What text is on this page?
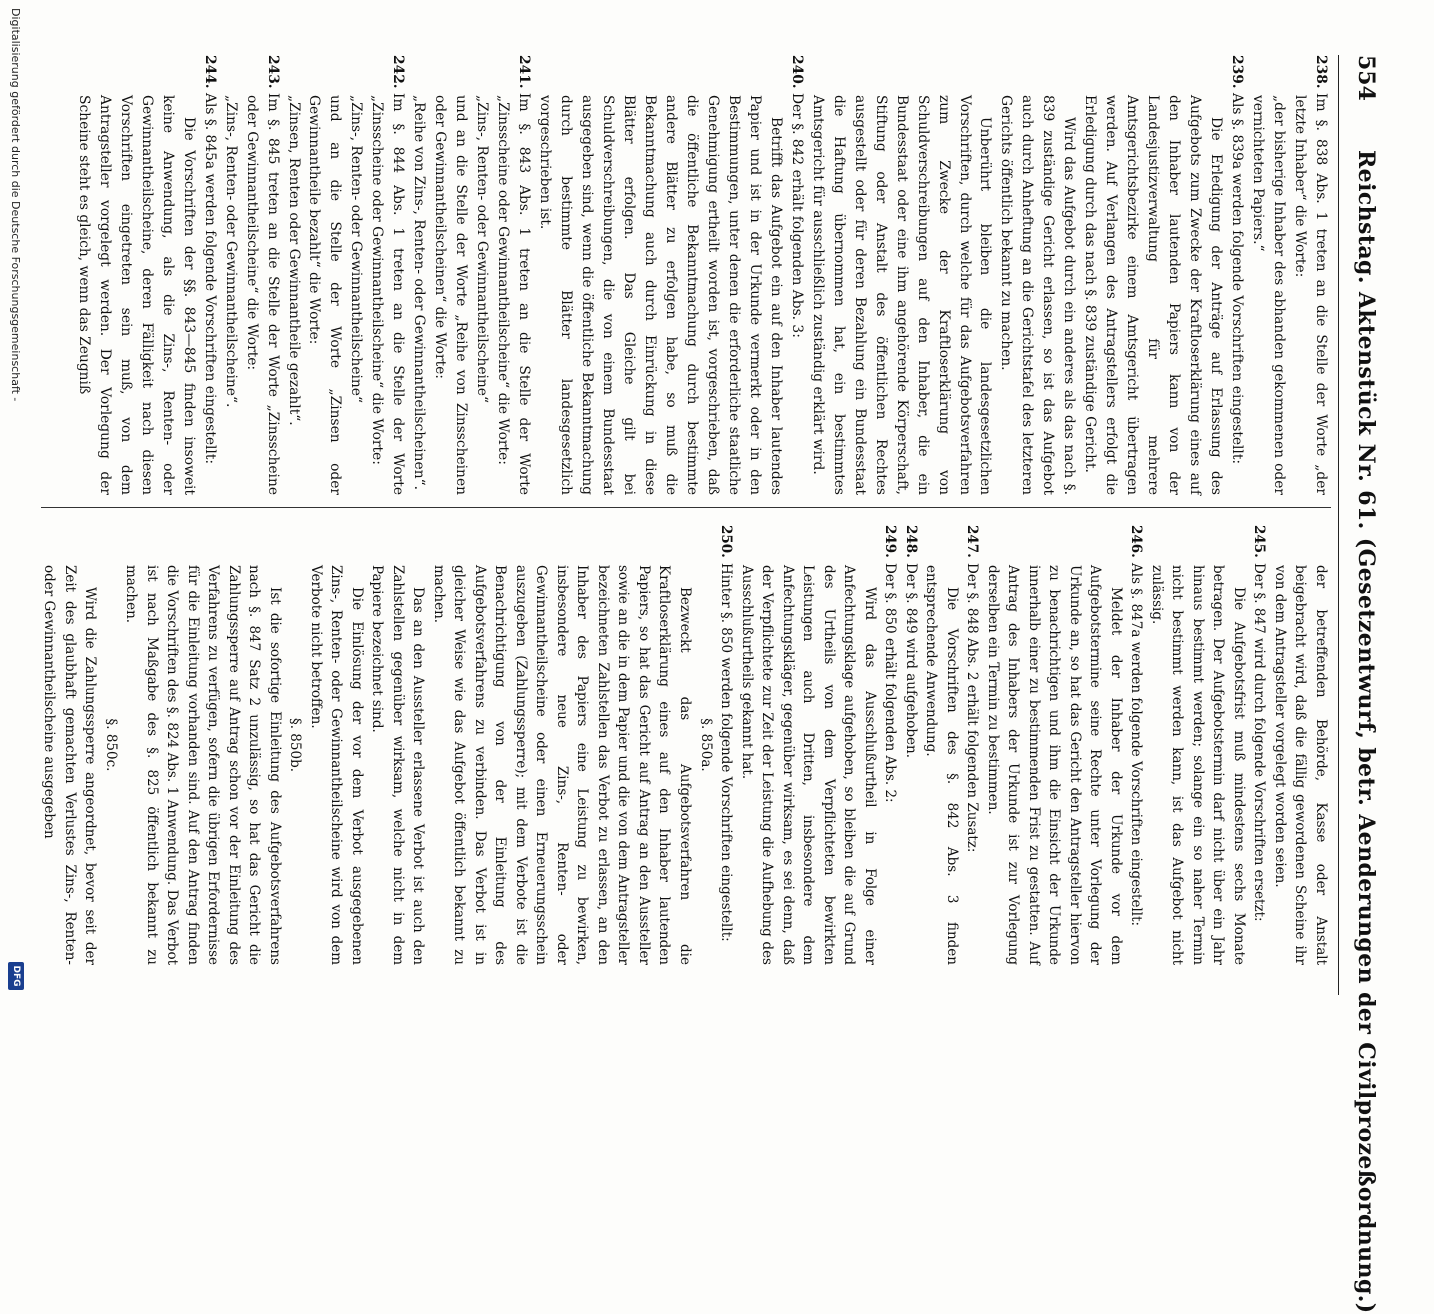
554
Reichstag. Aktenstück Nr. 61. (Gesetzentwurf, betr. Aenderungen der Civilprozeßordnung.)

238.Im §. 838 Abs. 1 treten an die Stelle der Worte „der letzte Inhaber“ die Worte:

„der bisherige Inhaber des abhanden gekommenen oder vernichteten Papiers.“

239.Als §. 839a werden folgende Vorschriften eingestellt:

Die Erledigung der Anträge auf Erlassung des Aufgebots zum Zwecke der Kraftloserklärung eines auf den Inhaber lautenden Papiers kann von der Landesjustizverwaltung für mehrere Amtsgerichtsbezirke einem Amtsgericht übertragen werden. Auf Verlangen des Antragstellers erfolgt die Erledigung durch das nach §. 839 zuständige Gericht.

Wird das Aufgebot durch ein anderes als das nach §. 839 zuständige Gericht erlassen, so ist das Aufgebot auch durch Anheftung an die Gerichtstafel des letzteren Gerichts öffentlich bekannt zu machen.

Unberührt bleiben die landesgesetzlichen Vorschriften, durch welche für das Aufgebotsverfahren zum Zwecke der Kraftloserklärung von Schuldverschreibungen auf den Inhaber, die ein Bundesstaat oder eine ihm angehörende Körperschaft, Stiftung oder Anstalt des öffentlichen Rechtes ausgestellt oder für deren Bezahlung ein Bundesstaat die Haftung übernommen hat, ein bestimmtes Amtsgericht für ausschließlich zuständig erklärt wird.

240.Der §. 842 erhält folgenden Abs. 3:

Betrifft das Aufgebot ein auf den Inhaber lautendes Papier und ist in der Urkunde vermerkt oder in den Bestimmungen, unter denen die erforderliche staatliche Genehmigung ertheilt worden ist, vorgeschrieben, daß die öffentliche Bekanntmachung durch bestimmte andere Blätter zu erfolgen habe, so muß die Bekanntmachung auch durch Einrückung in diese Blätter erfolgen. Das Gleiche gilt bei Schuldverschreibungen, die von einem Bundesstaat ausgegeben sind, wenn die öffentliche Bekanntmachung durch bestimmte Blätter landesgesetzlich vorgeschrieben ist.

241.Im §. 843 Abs. 1 treten an die Stelle der Worte „Zinsscheine oder Gewinnantheilscheine“ die Worte:

„Zins-, Renten- oder Gewinnantheilscheine“

und an die Stelle der Worte „Reihe von Zinsscheinen oder Gewinnantheilscheinen“ die Worte:

„Reihe von Zins-, Renten- oder Gewinnantheilscheinen“.

242.Im §. 844 Abs. 1 treten an die Stelle der Worte „Zinsscheine oder Gewinnantheilscheine“ die Worte:

„Zins-, Renten- oder Gewinnantheilscheine“

und an die Stelle der Worte „Zinsen oder Gewinnantheile bezahlt“ die Worte:

„Zinsen, Renten oder Gewinnantheile gezahlt“.

243.Im §. 845 treten an die Stelle der Worte „Zinsscheine oder Gewinnantheilscheine“ die Worte:

„Zins-, Renten- oder Gewinnantheilscheine“.

244.Als §. 845a werden folgende Vorschriften eingestellt:

Die Vorschriften der §§. 843—845 finden insoweit keine Anwendung, als die Zins-, Renten- oder Gewinnantheilscheine, deren Fälligkeit nach diesen Vorschriften eingetreten sein muß, von dem Antragsteller vorgelegt werden. Der Vorlegung der Scheine steht es gleich, wenn das Zeugniß

der betreffenden Behörde, Kasse oder Anstalt beigebracht wird, daß die fällig gewordenen Scheine ihr von dem Antragsteller vorgelegt worden seien.

245.Der §. 847 wird durch folgende Vorschriften ersetzt:

Die Aufgebotsfrist muß mindestens sechs Monate betragen. Der Aufgebotstermin darf nicht über ein Jahr hinaus bestimmt werden; solange ein so naher Termin nicht bestimmt werden kann, ist das Aufgebot nicht zulässig.

246.Als §. 847a werden folgende Vorschriften eingestellt:

Meldet der Inhaber der Urkunde vor dem Aufgebotstermine seine Rechte unter Vorlegung der Urkunde an, so hat das Gericht den Antragsteller hiervon zu benachrichtigen und ihm die Einsicht der Urkunde innerhalb einer zu bestimmenden Frist zu gestatten. Auf Antrag des Inhabers der Urkunde ist zur Vorlegung derselben ein Termin zu bestimmen.

247.Der §. 848 Abs. 2 erhält folgenden Zusatz:

Die Vorschriften des §. 842 Abs. 3 finden entsprechende Anwendung.

248.Der §. 849 wird aufgehoben.

249.Der §. 850 erhält folgenden Abs. 2:

Wird das Ausschlußurtheil in Folge einer Anfechtungsklage aufgehoben, so bleiben die auf Grund des Urtheils von dem Verpflichteten bewirkten Leistungen auch Dritten, insbesondere dem Anfechtungskläger, gegenüber wirksam, es sei denn, daß der Verpflichtete zur Zeit der Leistung die Aufhebung des Ausschlußurtheils gekannt hat.

250.Hinter §. 850 werden folgende Vorschriften eingestellt:

§. 850a.

Bezweckt das Aufgebotsverfahren die Kraftloserklärung eines auf den Inhaber lautenden Papiers, so hat das Gericht auf Antrag an den Aussteller sowie an die in dem Papier und die von dem Antragsteller bezeichneten Zahlstellen das Verbot zu erlassen, an den Inhaber des Papiers eine Leistung zu bewirken, insbesondere neue Zins-, Renten- oder Gewinnantheilscheine oder einen Erneuerungsschein auszugeben (Zahlungssperre); mit dem Verbote ist die Benachrichtigung von der Einleitung des Aufgebotsverfahrens zu verbinden. Das Verbot ist in gleicher Weise wie das Aufgebot öffentlich bekannt zu machen.

Das an den Aussteller erlassene Verbot ist auch den Zahlstellen gegenüber wirksam, welche nicht in dem Papiere bezeichnet sind.

Die Einlösung der vor dem Verbot ausgegebenen Zins-, Renten- oder Gewinnantheilscheine wird von dem Verbote nicht betroffen.

§. 850b.

Ist die sofortige Einleitung des Aufgebotsverfahrens nach §. 847 Satz 2 unzulässig, so hat das Gericht die Zahlungssperre auf Antrag schon vor der Einleitung des Verfahrens zu verfügen, sofern die übrigen Erfordernisse für die Einleitung vorhanden sind. Auf den Antrag finden die Vorschriften des §. 824 Abs. 1 Anwendung. Das Verbot ist nach Maßgabe des §. 825 öffentlich bekannt zu machen.

§. 850c.

Wird die Zahlungssperre angeordnet, bevor seit der Zeit des glaubhaft gemachten Verlustes Zins-, Renten- oder Gewinnantheilscheine ausgegeben

Digitalisierung gefördert durch die Deutsche Forschungsgemeinschaft -
DFG
